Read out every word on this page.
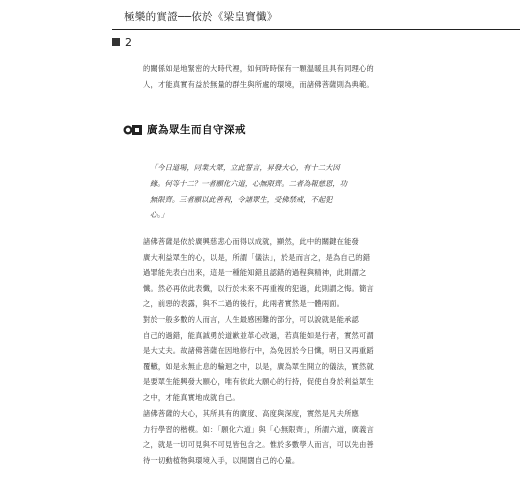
極樂的實證──依於《梁皇寶懺》
2
的關係如是地緊密的大時代裡，如何時時保有一顆温暖且具有同理心的
人，才能真實有益於無量的群生與所處的環境，而諸佛菩薩則為典範。
廣為眾生而自守深戒
「今日道場，同業大眾，立此誓言，昇發大心，有十二大因
緣。何等十二？一者願化六道，心無限齊。二者為報慈恩，功
無限齊。三者願以此善利，令諸眾生，受佛禁戒，不起犯
心。」
諸佛菩薩是依於廣興慈悲心而得以成就，顯然，此中的關鍵在能發
廣大利益眾生的心，以是，所謂「儀法」，於是而言之，是為自己的錯
過罪能先表白出來，這是一種能知錯且認錯的過程與精神，此則謂之
懺。然必再依此表懺，以行於未來不再重複的犯過，此則謂之悔。簡言
之，前惡的表露，與不二過的後行，此兩者實然是一體兩面。
對於一般多數的人而言，人生最感困難的部分，可以說就是能承認
自己的過錯，能真誠勇於道歉並革心改過，若真能如是行者，實然可謂
是大丈夫。故諸佛菩薩在因地修行中，為免因於今日懺，明日又再重蹈
覆轍，如是永無止息的輪迴之中，以是，廣為眾生開立的儀法，實然就
是要眾生能興發大願心，唯有依此大願心的行持，促使自身於利益眾生
之中，才能真實地成就自己。
諸佛菩薩的大心，其所具有的廣度、高度與深度，實然是凡夫所應
力行學習的楷模。如：「願化六道」與「心無限齊」，所謂六道，廣義言
之，就是一切可見與不可見皆包含之。惟於多數學人而言，可以先由善
待一切動植物與環境入手，以開闊自己的心量。
